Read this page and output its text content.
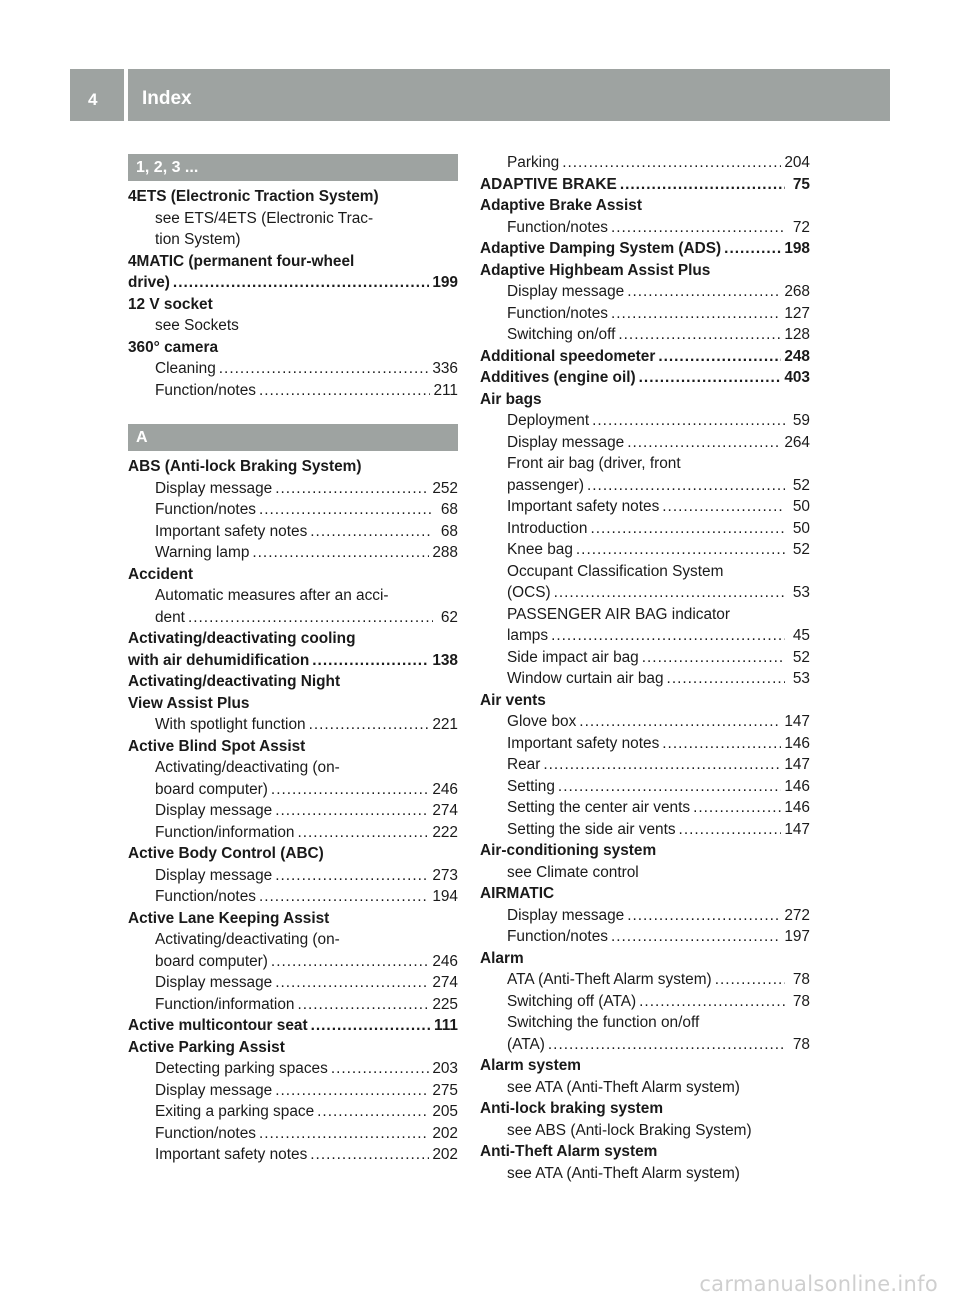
4 Index
1, 2, 3 ...
4ETS (Electronic Traction System)
see ETS/4ETS (Electronic Trac-
tion System)
4MATIC (permanent four-wheel
drive) .....	199
12 V socket
see Sockets
360° camera
Cleaning .....	336
Function/notes .....	211
A
ABS (Anti-lock Braking System)
Display message .....	252
Function/notes .....	68
Important safety notes .....	68
Warning lamp .....	288
Accident
Automatic measures after an acci-
dent .....	62
Activating/deactivating cooling
with air dehumidification .....	138
Activating/deactivating Night
View Assist Plus
With spotlight function .....	221
Active Blind Spot Assist
Activating/deactivating (on-
board computer) .....	246
Display message .....	274
Function/information .....	222
Active Body Control (ABC)
Display message .....	273
Function/notes .....	194
Active Lane Keeping Assist
Activating/deactivating (on-
board computer) .....	246
Display message .....	274
Function/information .....	225
Active multicontour seat .....	111
Active Parking Assist
Detecting parking spaces .....	203
Display message .....	275
Exiting a parking space .....	205
Function/notes .....	202
Important safety notes .....	202
Parking .....	204
ADAPTIVE BRAKE .....	75
Adaptive Brake Assist
Function/notes .....	72
Adaptive Damping System (ADS) .....	198
Adaptive Highbeam Assist Plus
Display message .....	268
Function/notes .....	127
Switching on/off .....	128
Additional speedometer .....	248
Additives (engine oil) .....	403
Air bags
Deployment .....	59
Display message .....	264
Front air bag (driver, front
passenger) .....	52
Important safety notes .....	50
Introduction .....	50
Knee bag .....	52
Occupant Classification System
(OCS) .....	53
PASSENGER AIR BAG indicator
lamps .....	45
Side impact air bag .....	52
Window curtain air bag .....	53
Air vents
Glove box .....	147
Important safety notes .....	146
Rear .....	147
Setting .....	146
Setting the center air vents .....	146
Setting the side air vents .....	147
Air-conditioning system
see Climate control
AIRMATIC
Display message .....	272
Function/notes .....	197
Alarm
ATA (Anti-Theft Alarm system) .....	78
Switching off (ATA) .....	78
Switching the function on/off
(ATA) .....	78
Alarm system
see ATA (Anti-Theft Alarm system)
Anti-lock braking system
see ABS (Anti-lock Braking System)
Anti-Theft Alarm system
see ATA (Anti-Theft Alarm system)
carmanualsonline.info
